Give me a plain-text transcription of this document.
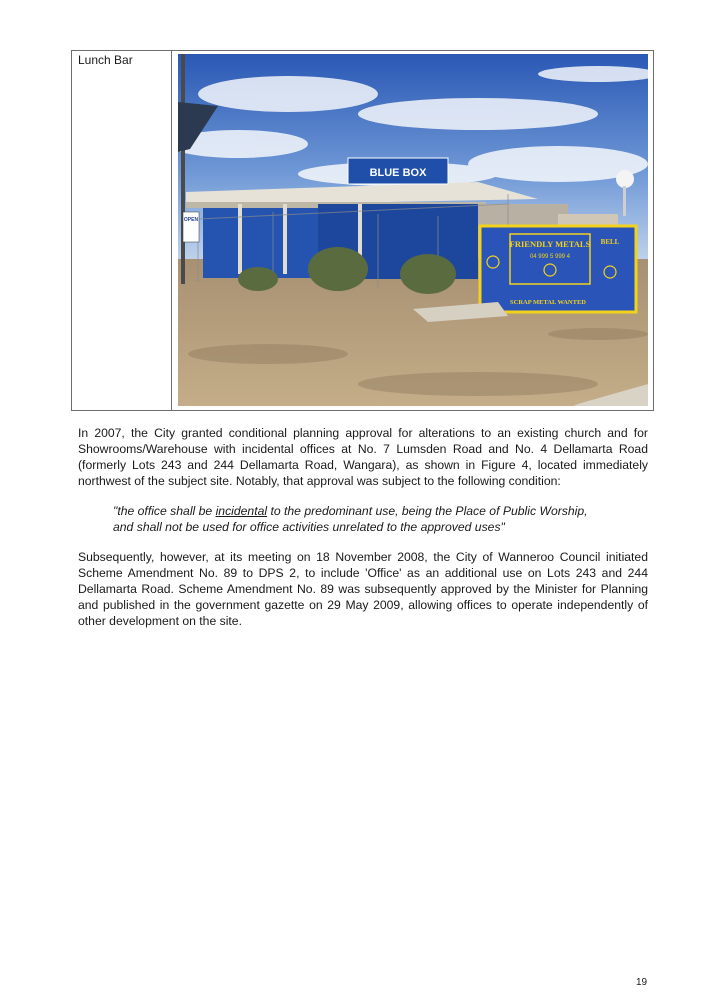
Lunch Bar
BLUE BOX
OPEN
FRIENDLY METALS
04 999 5 999 4
BELL
SCRAP METAL WANTED

In 2007, the City granted conditional planning approval for alterations to an existing church and for Showrooms/Warehouse with incidental offices at No. 7 Lumsden Road and No. 4 Dellamarta Road (formerly Lots 243 and 244 Dellamarta Road, Wangara), as shown in Figure 4, located immediately northwest of the subject site. Notably, that approval was subject to the following condition:

"the office shall be incidental to the predominant use, being the Place of Public Worship,
and shall not be used for office activities unrelated to the approved uses"

Subsequently, however, at its meeting on 18 November 2008, the City of Wanneroo Council initiated Scheme Amendment No. 89 to DPS 2, to include 'Office' as an additional use on Lots 243 and 244 Dellamarta Road. Scheme Amendment No. 89 was subsequently approved by the Minister for Planning and published in the government gazette on 29 May 2009, allowing offices to operate independently of other development on the site.

19
